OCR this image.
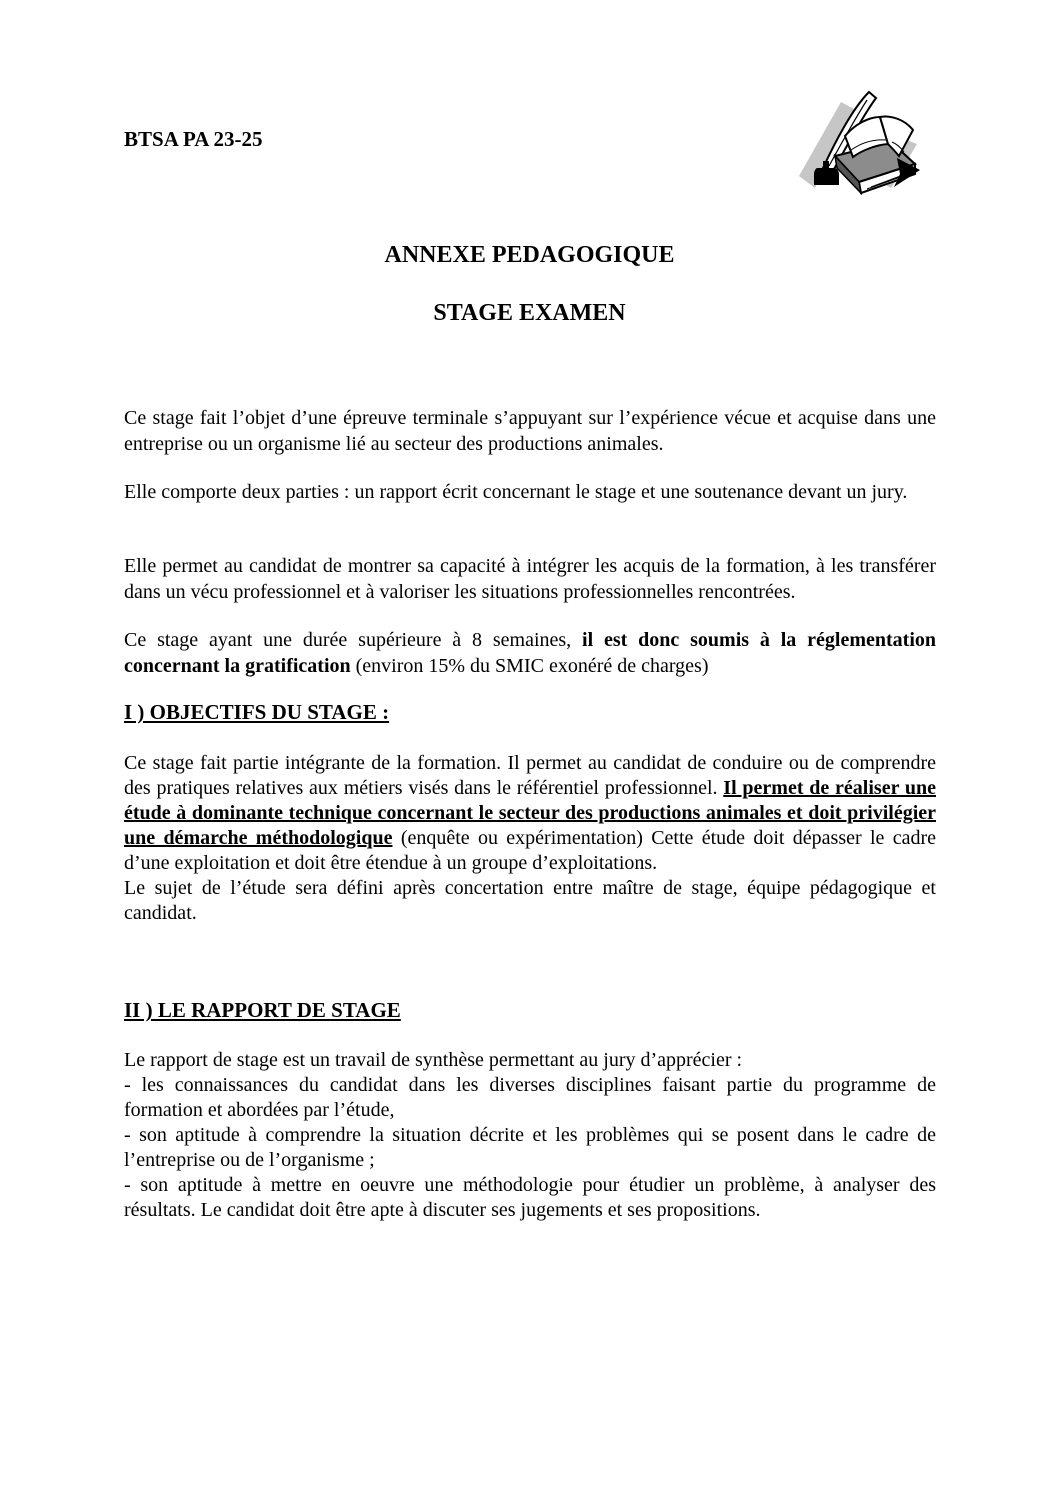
BTSA PA 23-25
ANNEXE PEDAGOGIQUE
STAGE EXAMEN
Ce stage fait l’objet d’une épreuve terminale s’appuyant sur l’expérience vécue et acquise dans une entreprise ou un organisme lié au secteur des productions animales.
Elle comporte deux parties : un rapport écrit concernant le stage et une soutenance devant un jury.
Elle permet au candidat de montrer sa capacité à intégrer les acquis de la formation, à les transférer dans un vécu professionnel et à valoriser les situations professionnelles rencontrées.
Ce stage ayant une durée supérieure à 8 semaines, il est donc soumis à la réglementation concernant la gratification (environ 15% du SMIC exonéré de charges)
I ) OBJECTIFS DU STAGE :
Ce stage fait partie intégrante de la formation. Il permet au candidat de conduire ou de comprendre des pratiques relatives aux métiers visés dans le référentiel professionnel. Il permet de réaliser une étude à dominante technique concernant le secteur des productions animales et doit privilégier une démarche méthodologique (enquête ou expérimentation) Cette étude doit dépasser le cadre d’une exploitation et doit être étendue à un groupe d’exploitations.
Le sujet de l’étude sera défini après concertation entre maître de stage, équipe pédagogique et candidat.
II ) LE RAPPORT DE STAGE
Le rapport de stage est un travail de synthèse permettant au jury d’apprécier :
- les connaissances du candidat dans les diverses disciplines faisant partie du programme de formation et abordées par l’étude,
- son aptitude à comprendre la situation décrite et les problèmes qui se posent dans le cadre de l’entreprise ou de l’organisme ;
- son aptitude à mettre en oeuvre une méthodologie pour étudier un problème, à analyser des résultats. Le candidat doit être apte à discuter ses jugements et ses propositions.
